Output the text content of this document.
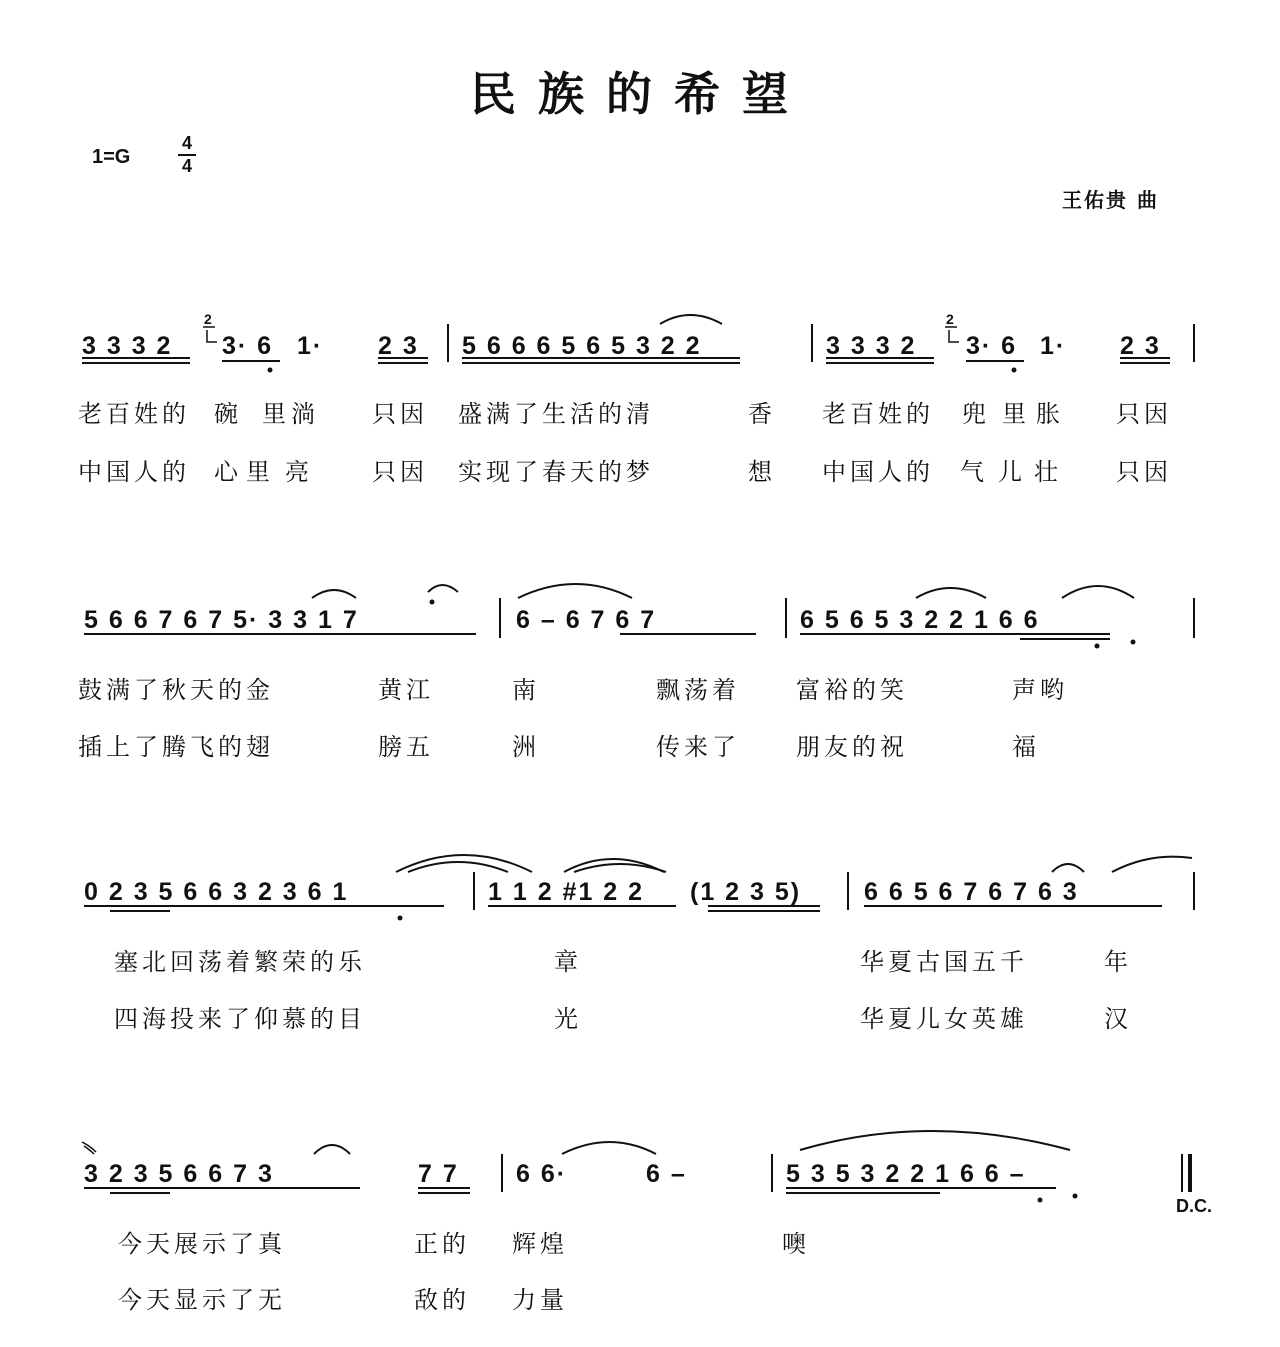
民族的希望
1=G
4
4
王佑贵 曲
3 3 3 2 3· 6 1· 2 3 5 6 6 6 5 6 5 3 2 2	3 3 3 2 3· 6 1· 2 3
老百姓的 碗 里 淌 只因 盛满了生活的清	香 老百姓的 兜 里 胀 只因
中国人的 心 里 亮 只因 实现了春天的梦	想 中国人的 气 儿 壮 只因
5 6 6 7 6 7 5· 3 3 1 7	6 – 6 7 6 7	6 5 6 5 3 2 2 1 6 6
鼓满了秋天的金	黄江	南	飘荡着 富裕的笑	声哟
插上了腾飞的翅	膀五	洲	传来了 朋友的祝	福
0 2 3 5 6 6 3 2 3 6 1	1 1 2 #1 2 2 (1 2 3 5)	6 6 5 6 7 6 7 6 3
塞北回荡着繁荣的乐	章	华夏古国五千	年
四海投来了仰慕的目	光	华夏儿女英雄	汉
3 2 3 5 6 6 7 3	7 7 6 6·	6 –	5 3 5 3 2 2 1 6 6 –
今天展示了真	正的 辉煌	噢
今天显示了无	敌的 力量
D.C.
2	2
